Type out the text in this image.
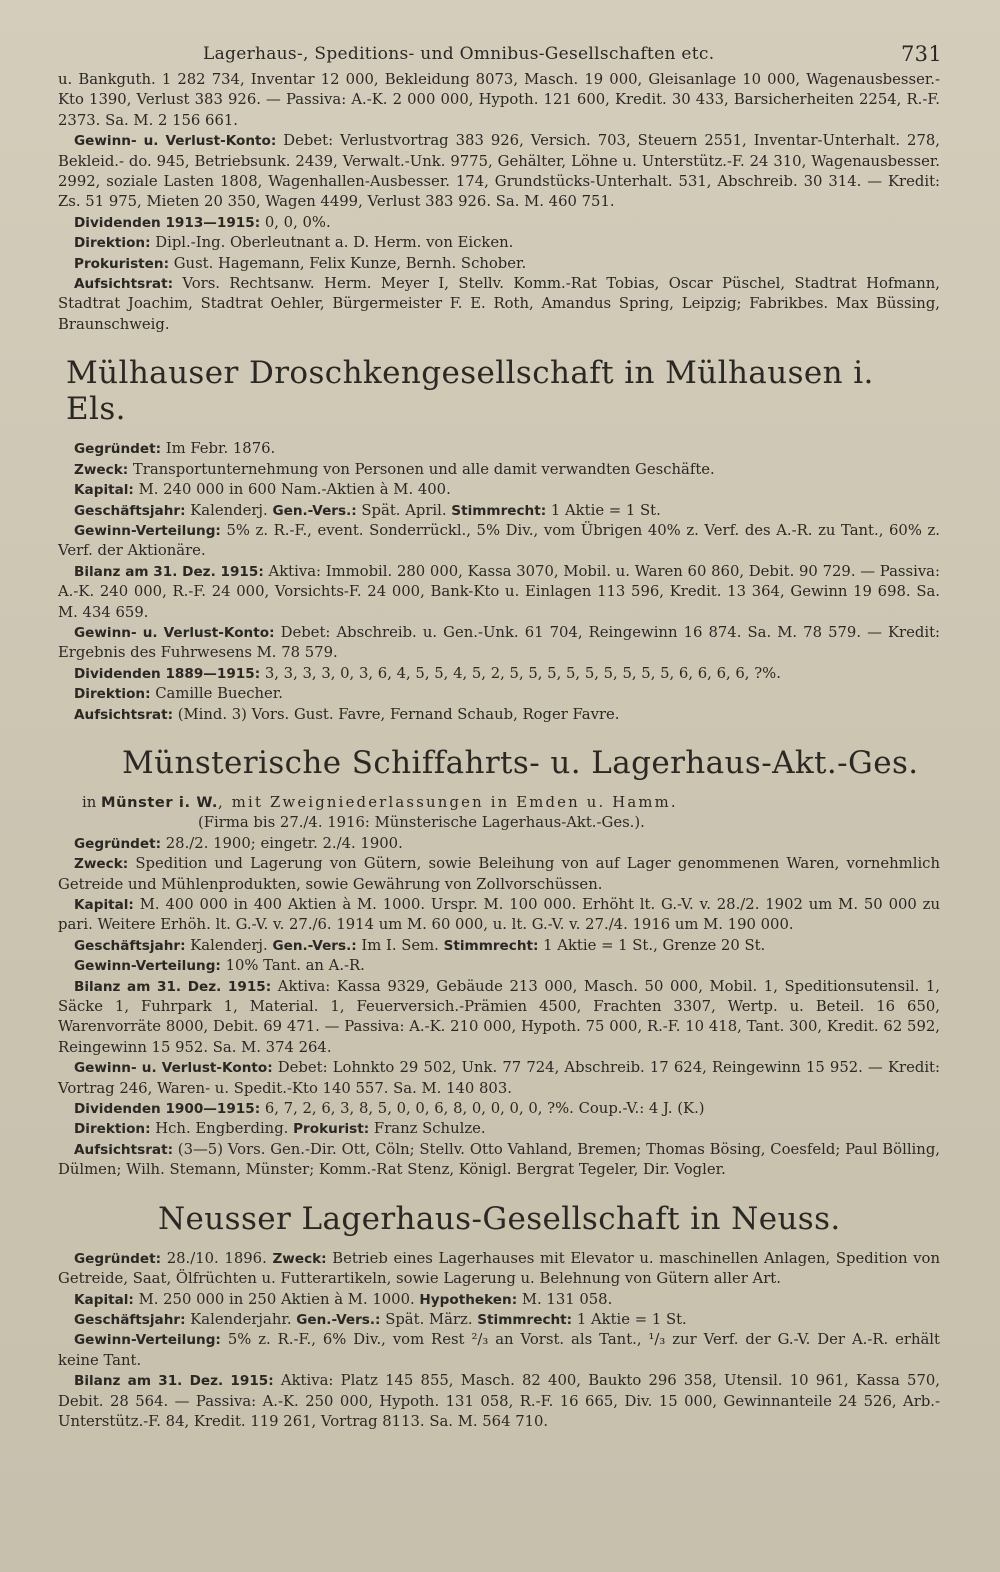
Lagerhaus-, Speditions- und Omnibus-Gesellschaften etc.	731

u. Bankguth. 1 282 734, Inventar 12 000, Bekleidung 8073, Masch. 19 000, Gleisanlage 10 000, Wagenausbesser.-Kto 1390, Verlust 383 926. — Passiva: A.-K. 2 000 000, Hypoth. 121 600, Kredit. 30 433, Barsicherheiten 2254, R.-F. 2373. Sa. M. 2 156 661.

Gewinn- u. Verlust-Konto: Debet: Verlustvortrag 383 926, Versich. 703, Steuern 2551, Inventar-Unterhalt. 278, Bekleid.- do. 945, Betriebsunk. 2439, Verwalt.-Unk. 9775, Gehälter, Löhne u. Unterstütz.-F. 24 310, Wagenausbesser. 2992, soziale Lasten 1808, Wagenhallen-Ausbesser. 174, Grundstücks-Unterhalt. 531, Abschreib. 30 314. — Kredit: Zs. 51 975, Mieten 20 350, Wagen 4499, Verlust 383 926. Sa. M. 460 751.

Dividenden 1913—1915: 0, 0, 0%.

Direktion: Dipl.-Ing. Oberleutnant a. D. Herm. von Eicken.

Prokuristen: Gust. Hagemann, Felix Kunze, Bernh. Schober.

Aufsichtsrat: Vors. Rechtsanw. Herm. Meyer I, Stellv. Komm.-Rat Tobias, Oscar Püschel, Stadtrat Hofmann, Stadtrat Joachim, Stadtrat Oehler, Bürgermeister F. E. Roth, Amandus Spring, Leipzig; Fabrikbes. Max Büssing, Braunschweig.

Mülhauser Droschkengesellschaft in Mülhausen i. Els.

Gegründet: Im Febr. 1876.

Zweck: Transportunternehmung von Personen und alle damit verwandten Geschäfte.

Kapital: M. 240 000 in 600 Nam.-Aktien à M. 400.

Geschäftsjahr: Kalenderj. Gen.-Vers.: Spät. April. Stimmrecht: 1 Aktie = 1 St.

Gewinn-Verteilung: 5% z. R.-F., event. Sonderrückl., 5% Div., vom Übrigen 40% z. Verf. des A.-R. zu Tant., 60% z. Verf. der Aktionäre.

Bilanz am 31. Dez. 1915: Aktiva: Immobil. 280 000, Kassa 3070, Mobil. u. Waren 60 860, Debit. 90 729. — Passiva: A.-K. 240 000, R.-F. 24 000, Vorsichts-F. 24 000, Bank-Kto u. Einlagen 113 596, Kredit. 13 364, Gewinn 19 698. Sa. M. 434 659.

Gewinn- u. Verlust-Konto: Debet: Abschreib. u. Gen.-Unk. 61 704, Reingewinn 16 874. Sa. M. 78 579. — Kredit: Ergebnis des Fuhrwesens M. 78 579.

Dividenden 1889—1915: 3, 3, 3, 3, 0, 3, 6, 4, 5, 5, 4, 5, 2, 5, 5, 5, 5, 5, 5, 5, 5, 5, 6, 6, 6, 6, ?%.

Direktion: Camille Buecher.

Aufsichtsrat: (Mind. 3) Vors. Gust. Favre, Fernand Schaub, Roger Favre.

Münsterische Schiffahrts- u. Lagerhaus-Akt.-Ges.

in Münster i. W., mit Zweigniederlassungen in Emden u. Hamm.

(Firma bis 27./4. 1916: Münsterische Lagerhaus-Akt.-Ges.).

Gegründet: 28./2. 1900; eingetr. 2./4. 1900.

Zweck: Spedition und Lagerung von Gütern, sowie Beleihung von auf Lager genommenen Waren, vornehmlich Getreide und Mühlenprodukten, sowie Gewährung von Zollvorschüssen.

Kapital: M. 400 000 in 400 Aktien à M. 1000. Urspr. M. 100 000. Erhöht lt. G.-V. v. 28./2. 1902 um M. 50 000 zu pari. Weitere Erhöh. lt. G.-V. v. 27./6. 1914 um M. 60 000, u. lt. G.-V. v. 27./4. 1916 um M. 190 000.

Geschäftsjahr: Kalenderj. Gen.-Vers.: Im I. Sem. Stimmrecht: 1 Aktie = 1 St., Grenze 20 St.

Gewinn-Verteilung: 10% Tant. an A.-R.

Bilanz am 31. Dez. 1915: Aktiva: Kassa 9329, Gebäude 213 000, Masch. 50 000, Mobil. 1, Speditionsutensil. 1, Säcke 1, Fuhrpark 1, Material. 1, Feuerversich.-Prämien 4500, Frachten 3307, Wertp. u. Beteil. 16 650, Warenvorräte 8000, Debit. 69 471. — Passiva: A.-K. 210 000, Hypoth. 75 000, R.-F. 10 418, Tant. 300, Kredit. 62 592, Reingewinn 15 952. Sa. M. 374 264.

Gewinn- u. Verlust-Konto: Debet: Lohnkto 29 502, Unk. 77 724, Abschreib. 17 624, Reingewinn 15 952. — Kredit: Vortrag 246, Waren- u. Spedit.-Kto 140 557. Sa. M. 140 803.

Dividenden 1900—1915: 6, 7, 2, 6, 3, 8, 5, 0, 0, 6, 8, 0, 0, 0, 0, ?%. Coup.-V.: 4 J. (K.)

Direktion: Hch. Engberding. Prokurist: Franz Schulze.

Aufsichtsrat: (3—5) Vors. Gen.-Dir. Ott, Cöln; Stellv. Otto Vahland, Bremen; Thomas Bösing, Coesfeld; Paul Bölling, Dülmen; Wilh. Stemann, Münster; Komm.-Rat Stenz, Königl. Bergrat Tegeler, Dir. Vogler.

Neusser Lagerhaus-Gesellschaft in Neuss.

Gegründet: 28./10. 1896. Zweck: Betrieb eines Lagerhauses mit Elevator u. maschinellen Anlagen, Spedition von Getreide, Saat, Ölfrüchten u. Futterartikeln, sowie Lagerung u. Belehnung von Gütern aller Art.

Kapital: M. 250 000 in 250 Aktien à M. 1000. Hypotheken: M. 131 058.

Geschäftsjahr: Kalenderjahr. Gen.-Vers.: Spät. März. Stimmrecht: 1 Aktie = 1 St.

Gewinn-Verteilung: 5% z. R.-F., 6% Div., vom Rest ²/₃ an Vorst. als Tant., ¹/₃ zur Verf. der G.-V. Der A.-R. erhält keine Tant.

Bilanz am 31. Dez. 1915: Aktiva: Platz 145 855, Masch. 82 400, Baukto 296 358, Utensil. 10 961, Kassa 570, Debit. 28 564. — Passiva: A.-K. 250 000, Hypoth. 131 058, R.-F. 16 665, Div. 15 000, Gewinnanteile 24 526, Arb.-Unterstütz.-F. 84, Kredit. 119 261, Vortrag 8113. Sa. M. 564 710.
